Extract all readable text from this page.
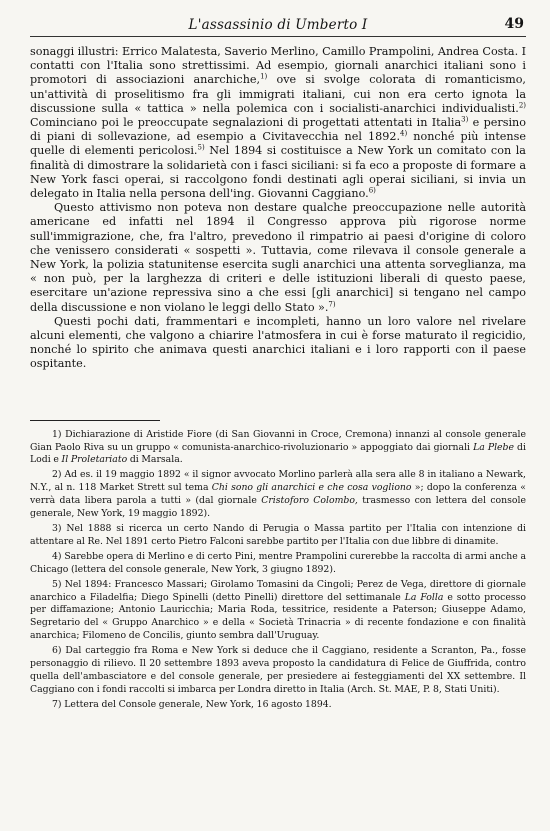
L'assassinio di Umberto I	49

sonaggi illustri: Errico Malatesta, Saverio Merlino, Camillo Prampolini, Andrea Costa. I contatti con l'Italia sono strettissimi. Ad esempio, giornali anarchici italiani sono i promotori di associazioni anarchiche,$^{1)}$ ove si svolge colorata di romanticismo, un'attività di proselitismo fra gli immigrati italiani, cui non era certo ignota la discussione sulla « tattica » nella polemica con i socialisti-anarchici individualisti.$^{2)}$ Cominciano poi le preoccupate segnalazioni di progettati attentati in Italia$^{3)}$ e persino di piani di sollevazione, ad esempio a Civitavecchia nel 1892.$^{4)}$ nonché più intense quelle di elementi pericolosi.$^{5)}$ Nel 1894 si costituisce a New York un comitato con la finalità di dimostrare la solidarietà con i fasci siciliani: si fa eco a proposte di formare a New York fasci operai, si raccolgono fondi destinati agli operai siciliani, si invia un delegato in Italia nella persona dell'ing. Giovanni Caggiano.$^{6)}$

Questo attivismo non poteva non destare qualche preoccupazione nelle autorità americane ed infatti nel 1894 il Congresso approva più rigorose norme sull'immigrazione, che, fra l'altro, prevedono il rimpatrio ai paesi d'origine di coloro che venissero considerati « sospetti ». Tuttavia, come rilevava il console generale a New York, la polizia statunitense esercita sugli anarchici una attenta sorveglianza, ma « non può, per la larghezza di criteri e delle istituzioni liberali di questo paese, esercitare un'azione repressiva sino a che essi [gli anarchici] si tengano nel campo della discussione e non violano le leggi dello Stato ».$^{7)}$

Questi pochi dati, frammentari e incompleti, hanno un loro valore nel rivelare alcuni elementi, che valgono a chiarire l'atmosfera in cui è forse maturato il regicidio, nonché lo spirito che animava questi anarchici italiani e i loro rapporti con il paese ospitante.

1) Dichiarazione di Aristide Fiore (di San Giovanni in Croce, Cremona) innanzi al console generale Gian Paolo Riva su un gruppo « comunista-anarchico-rivoluzionario » appoggiato dai giornali La Plebe di Lodi e Il Proletariato di Marsala.

2) Ad es. il 19 maggio 1892 « il signor avvocato Morlino parlerà alla sera alle 8 in italiano a Newark, N.Y., al n. 118 Market Strett sul tema Chi sono gli anarchici e che cosa vogliono »; dopo la conferenza « verrà data libera parola a tutti » (dal giornale Cristoforo Colombo, trasmesso con lettera del console generale, New York, 19 maggio 1892).

3) Nel 1888 si ricerca un certo Nando di Perugia o Massa partito per l'Italia con intenzione di attentare al Re. Nel 1891 certo Pietro Falconi sarebbe partito per l'Italia con due libbre di dinamite.

4) Sarebbe opera di Merlino e di certo Pini, mentre Prampolini curerebbe la raccolta di armi anche a Chicago (lettera del console generale, New York, 3 giugno 1892).

5) Nel 1894: Francesco Massari; Girolamo Tomasini da Cingoli; Perez de Vega, direttore di giornale anarchico a Filadelfia; Diego Spinelli (detto Pinelli) direttore del settimanale La Folla e sotto processo per diffamazione; Antonio Lauricchia; Maria Roda, tessitrice, residente a Paterson; Giuseppe Adamo, Segretario del « Gruppo Anarchico » e della « Società Trinacria » di recente fondazione e con finalità anarchica; Filomeno de Concilis, giunto sembra dall'Uruguay.

6) Dal carteggio fra Roma e New York si deduce che il Caggiano, residente a Scranton, Pa., fosse personaggio di rilievo. Il 20 settembre 1893 aveva proposto la candidatura di Felice de Giuffrida, contro quella dell'ambasciatore e del console generale, per presiedere ai festeggiamenti del XX settembre. Il Caggiano con i fondi raccolti si imbarca per Londra diretto in Italia (Arch. St. MAE, P. 8, Stati Uniti).

7) Lettera del Console generale, New York, 16 agosto 1894.
